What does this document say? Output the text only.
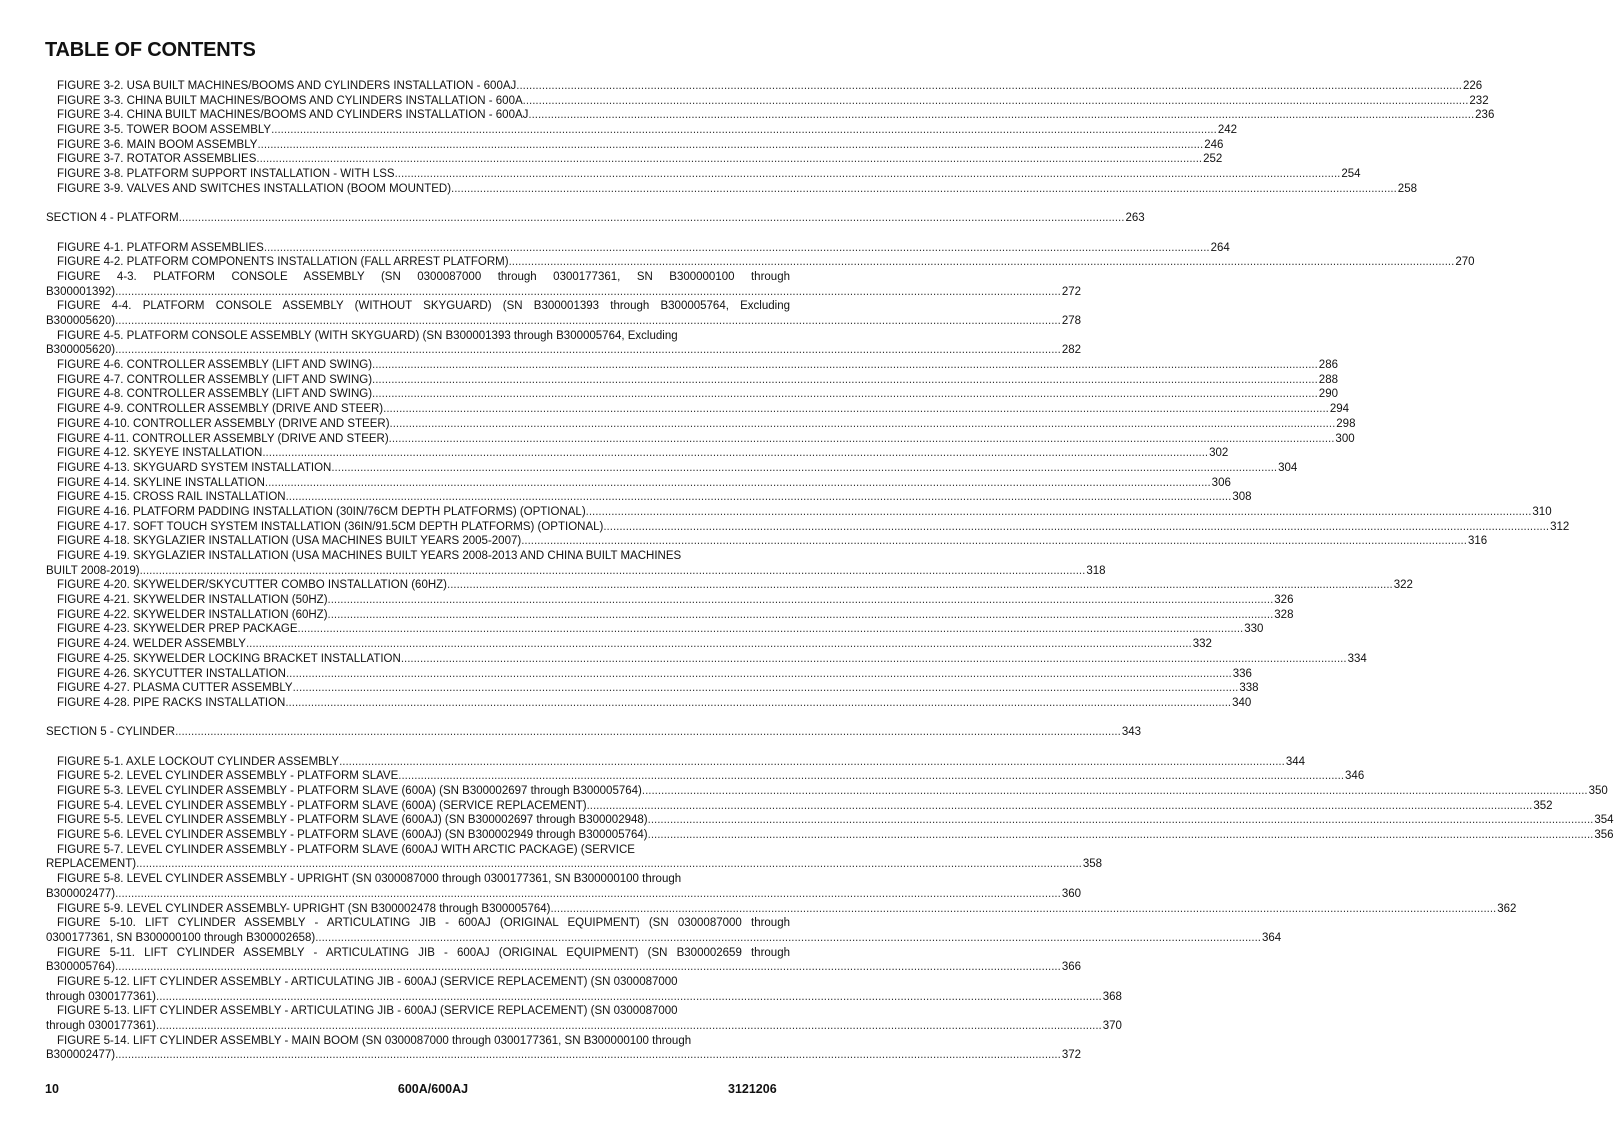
TABLE OF CONTENTS
FIGURE 3-2. USA BUILT MACHINES/BOOMS AND CYLINDERS INSTALLATION - 600AJ .....	226
FIGURE 3-3. CHINA BUILT MACHINES/BOOMS AND CYLINDERS INSTALLATION - 600A .....	232
FIGURE 3-4. CHINA BUILT MACHINES/BOOMS AND CYLINDERS INSTALLATION - 600AJ .....	236
FIGURE 3-5. TOWER BOOM ASSEMBLY .....	242
FIGURE 3-6. MAIN BOOM ASSEMBLY .....	246
FIGURE 3-7. ROTATOR ASSEMBLIES .....	252
FIGURE 3-8. PLATFORM SUPPORT INSTALLATION - WITH LSS .....	254
FIGURE 3-9. VALVES AND SWITCHES INSTALLATION (BOOM MOUNTED) .....	258
SECTION 4 - PLATFORM .....	263
FIGURE 4-1. PLATFORM ASSEMBLIES .....	264
FIGURE 4-2. PLATFORM COMPONENTS INSTALLATION (FALL ARREST PLATFORM) .....	270
FIGURE 4-3. PLATFORM CONSOLE ASSEMBLY (SN 0300087000 through 0300177361, SN B300000100 through
B300001392) .....	272
FIGURE 4-4. PLATFORM CONSOLE ASSEMBLY (WITHOUT SKYGUARD) (SN B300001393 through B300005764, Excluding
B300005620) .....	278
FIGURE 4-5. PLATFORM CONSOLE ASSEMBLY (WITH SKYGUARD) (SN B300001393 through B300005764, Excluding
B300005620) .....	282
FIGURE 4-6. CONTROLLER ASSEMBLY (LIFT AND SWING) .....	286
FIGURE 4-7. CONTROLLER ASSEMBLY (LIFT AND SWING) .....	288
FIGURE 4-8. CONTROLLER ASSEMBLY (LIFT AND SWING) .....	290
FIGURE 4-9. CONTROLLER ASSEMBLY (DRIVE AND STEER) .....	294
FIGURE 4-10. CONTROLLER ASSEMBLY (DRIVE AND STEER) .....	298
FIGURE 4-11. CONTROLLER ASSEMBLY (DRIVE AND STEER) .....	300
FIGURE 4-12. SKYEYE INSTALLATION .....	302
FIGURE 4-13. SKYGUARD SYSTEM INSTALLATION .....	304
FIGURE 4-14. SKYLINE INSTALLATION .....	306
FIGURE 4-15. CROSS RAIL INSTALLATION .....	308
FIGURE 4-16. PLATFORM PADDING INSTALLATION (30IN/76CM DEPTH PLATFORMS) (OPTIONAL) .....	310
FIGURE 4-17. SOFT TOUCH SYSTEM INSTALLATION (36IN/91.5CM DEPTH PLATFORMS) (OPTIONAL) .....	312
FIGURE 4-18. SKYGLAZIER INSTALLATION (USA MACHINES BUILT YEARS 2005-2007) .....	316
FIGURE 4-19. SKYGLAZIER INSTALLATION (USA MACHINES BUILT YEARS 2008-2013 AND CHINA BUILT MACHINES
BUILT 2008-2019) .....	318
FIGURE 4-20. SKYWELDER/SKYCUTTER COMBO INSTALLATION (60HZ) .....	322
FIGURE 4-21. SKYWELDER INSTALLATION (50HZ) .....	326
FIGURE 4-22. SKYWELDER INSTALLATION (60HZ) .....	328
FIGURE 4-23. SKYWELDER PREP PACKAGE .....	330
FIGURE 4-24. WELDER ASSEMBLY .....	332
FIGURE 4-25. SKYWELDER LOCKING BRACKET INSTALLATION .....	334
FIGURE 4-26. SKYCUTTER INSTALLATION .....	336
FIGURE 4-27. PLASMA CUTTER ASSEMBLY .....	338
FIGURE 4-28. PIPE RACKS INSTALLATION .....	340
SECTION 5 - CYLINDER .....	343
FIGURE 5-1. AXLE LOCKOUT CYLINDER ASSEMBLY .....	344
FIGURE 5-2. LEVEL CYLINDER ASSEMBLY - PLATFORM SLAVE .....	346
FIGURE 5-3. LEVEL CYLINDER ASSEMBLY - PLATFORM SLAVE (600A) (SN B300002697 through B300005764) .....	350
FIGURE 5-4. LEVEL CYLINDER ASSEMBLY - PLATFORM SLAVE (600A) (SERVICE REPLACEMENT) .....	352
FIGURE 5-5. LEVEL CYLINDER ASSEMBLY - PLATFORM SLAVE (600AJ) (SN B300002697 through B300002948) .....	354
FIGURE 5-6. LEVEL CYLINDER ASSEMBLY - PLATFORM SLAVE (600AJ) (SN B300002949 through B300005764) .....	356
FIGURE 5-7. LEVEL CYLINDER ASSEMBLY - PLATFORM SLAVE (600AJ WITH ARCTIC PACKAGE) (SERVICE
REPLACEMENT) .....	358
FIGURE 5-8. LEVEL CYLINDER ASSEMBLY - UPRIGHT (SN 0300087000 through 0300177361, SN B300000100 through
B300002477) .....	360
FIGURE 5-9. LEVEL CYLINDER ASSEMBLY- UPRIGHT (SN B300002478 through B300005764) .....	362
FIGURE 5-10. LIFT CYLINDER ASSEMBLY - ARTICULATING JIB - 600AJ (ORIGINAL EQUIPMENT) (SN 0300087000 through
0300177361, SN B300000100 through B300002658) .....	364
FIGURE 5-11. LIFT CYLINDER ASSEMBLY - ARTICULATING JIB - 600AJ (ORIGINAL EQUIPMENT) (SN B300002659 through
B300005764) .....	366
FIGURE 5-12. LIFT CYLINDER ASSEMBLY - ARTICULATING JIB - 600AJ (SERVICE REPLACEMENT) (SN 0300087000
through 0300177361) .....	368
FIGURE 5-13. LIFT CYLINDER ASSEMBLY - ARTICULATING JIB - 600AJ (SERVICE REPLACEMENT) (SN 0300087000
through 0300177361) .....	370
FIGURE 5-14. LIFT CYLINDER ASSEMBLY - MAIN BOOM (SN 0300087000 through 0300177361, SN B300000100 through
B300002477) .....	372
10	600A/600AJ	3121206
